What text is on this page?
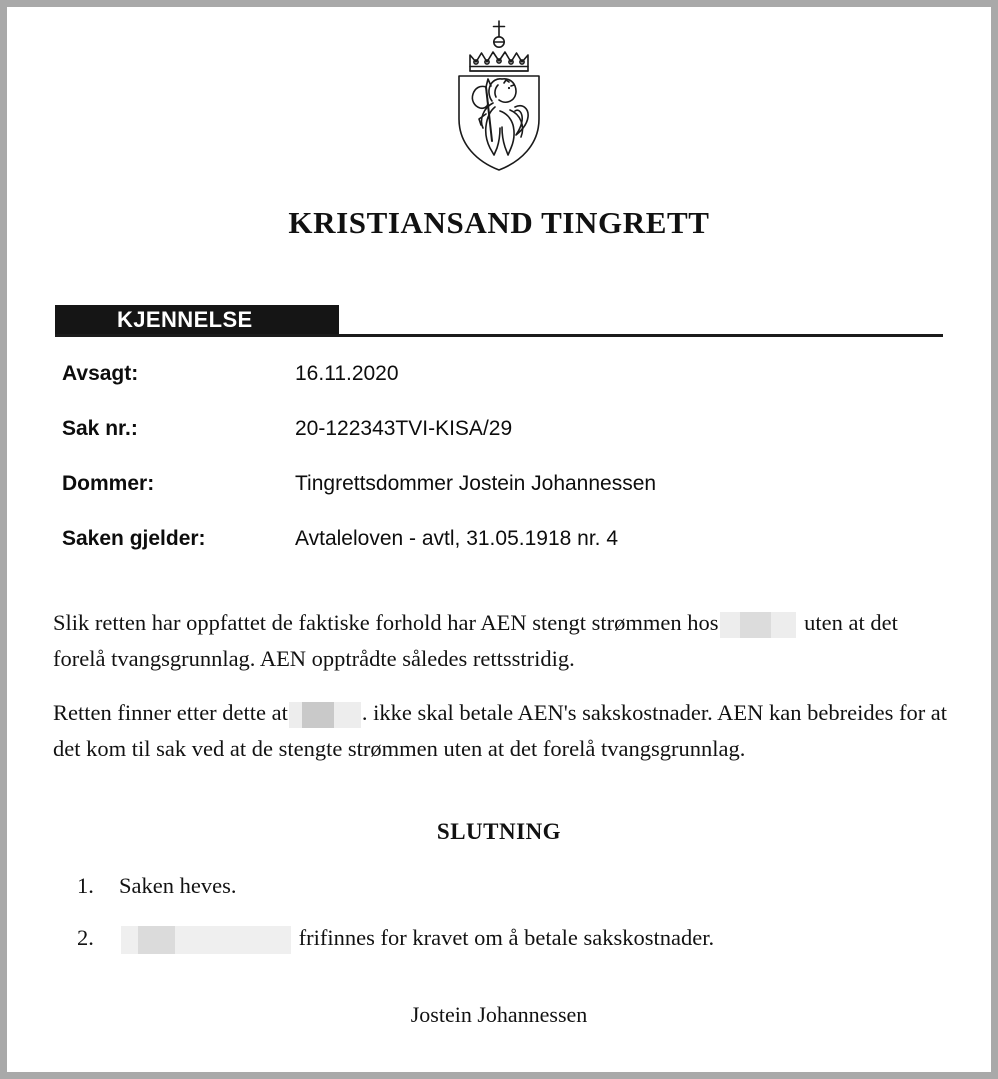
KRISTIANSAND TINGRETT
KJENNELSE
Avsagt:	16.11.2020
Sak nr.:	20-122343TVI-KISA/29
Dommer:	Tingrettsdommer Jostein Johannessen
Saken gjelder:	Avtaleloven - avtl, 31.05.1918 nr. 4

Slik retten har oppfattet de faktiske forhold har AEN stengt strømmen hos	uten at det forelå tvangsgrunnlag. AEN opptrådte således rettsstridig.

Retten finner etter dette at	. ikke skal betale AEN's sakskostnader. AEN kan bebreides for at det kom til sak ved at de stengte strømmen uten at det forelå tvangsgrunnlag.

SLUTNING
1.	Saken heves.
2.	frifinnes for kravet om å betale sakskostnader.
Jostein Johannessen
